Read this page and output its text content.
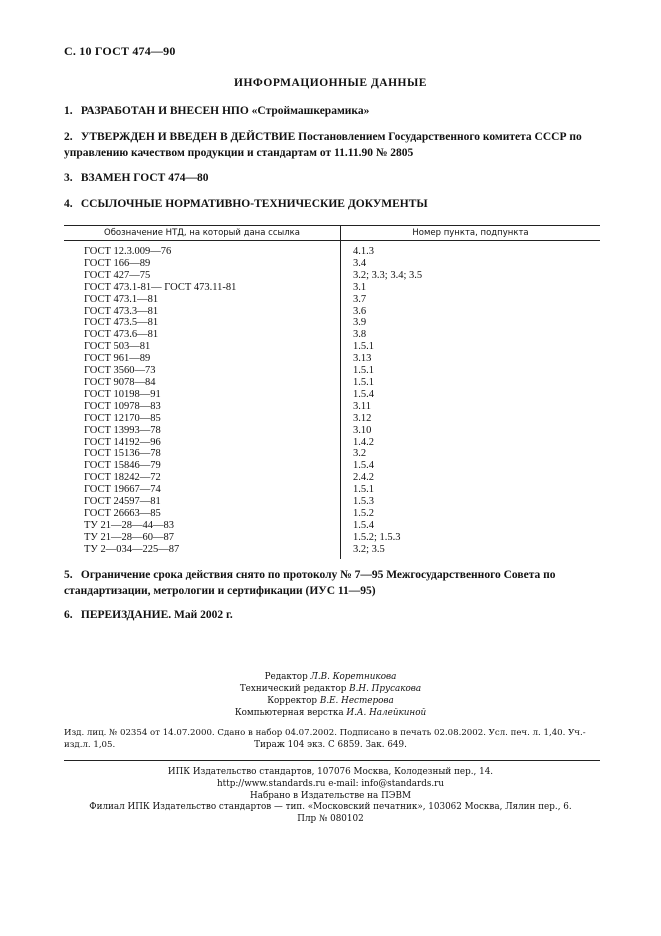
С. 10 ГОСТ 474—90
ИНФОРМАЦИОННЫЕ ДАННЫЕ
1. РАЗРАБОТАН И ВНЕСЕН НПО «Строймашкерамика»
2. УТВЕРЖДЕН И ВВЕДЕН В ДЕЙСТВИЕ Постановлением Государственного комитета СССР по управлению качеством продукции и стандартам от 11.11.90 № 2805
3. ВЗАМЕН ГОСТ 474—80
4. ССЫЛОЧНЫЕ НОРМАТИВНО-ТЕХНИЧЕСКИЕ ДОКУМЕНТЫ
Обозначение НТД, на который дана ссылка	Номер пункта, подпункта
ГОСТ 12.3.009—76	4.1.3
ГОСТ 166—89	3.4
ГОСТ 427—75	3.2; 3.3; 3.4; 3.5
ГОСТ 473.1-81— ГОСТ 473.11-81	3.1
ГОСТ 473.1—81	3.7
ГОСТ 473.3—81	3.6
ГОСТ 473.5—81	3.9
ГОСТ 473.6—81	3.8
ГОСТ 503—81	1.5.1
ГОСТ 961—89	3.13
ГОСТ 3560—73	1.5.1
ГОСТ 9078—84	1.5.1
ГОСТ 10198—91	1.5.4
ГОСТ 10978—83	3.11
ГОСТ 12170—85	3.12
ГОСТ 13993—78	3.10
ГОСТ 14192—96	1.4.2
ГОСТ 15136—78	3.2
ГОСТ 15846—79	1.5.4
ГОСТ 18242—72	2.4.2
ГОСТ 19667—74	1.5.1
ГОСТ 24597—81	1.5.3
ГОСТ 26663—85	1.5.2
ТУ 21—28—44—83	1.5.4
ТУ 21—28—60—87	1.5.2; 1.5.3
ТУ 2—034—225—87	3.2; 3.5
5. Ограничение срока действия снято по протоколу № 7—95 Межгосударственного Совета по стандартизации, метрологии и сертификации (ИУС 11—95)
6. ПЕРЕИЗДАНИЕ. Май 2002 г.
Редактор Л.В. Коретникова
Технический редактор В.Н. Прусакова
Корректор В.Е. Нестерова
Компьютерная верстка И.А. Налейкиной
Изд. лиц. № 02354 от 14.07.2000. Сдано в набор 04.07.2002. Подписано в печать 02.08.2002. Усл. печ. л. 1,40. Уч.-изд.л. 1,05.	Тираж 104 экз. С 6859. Зак. 649.
ИПК Издательство стандартов, 107076 Москва, Колодезный пер., 14.
http://www.standards.ru e-mail: info@standards.ru
Набрано в Издательстве на ПЭВМ
Филиал ИПК Издательство стандартов — тип. «Московский печатник», 103062 Москва, Лялин пер., 6.
Плр № 080102
